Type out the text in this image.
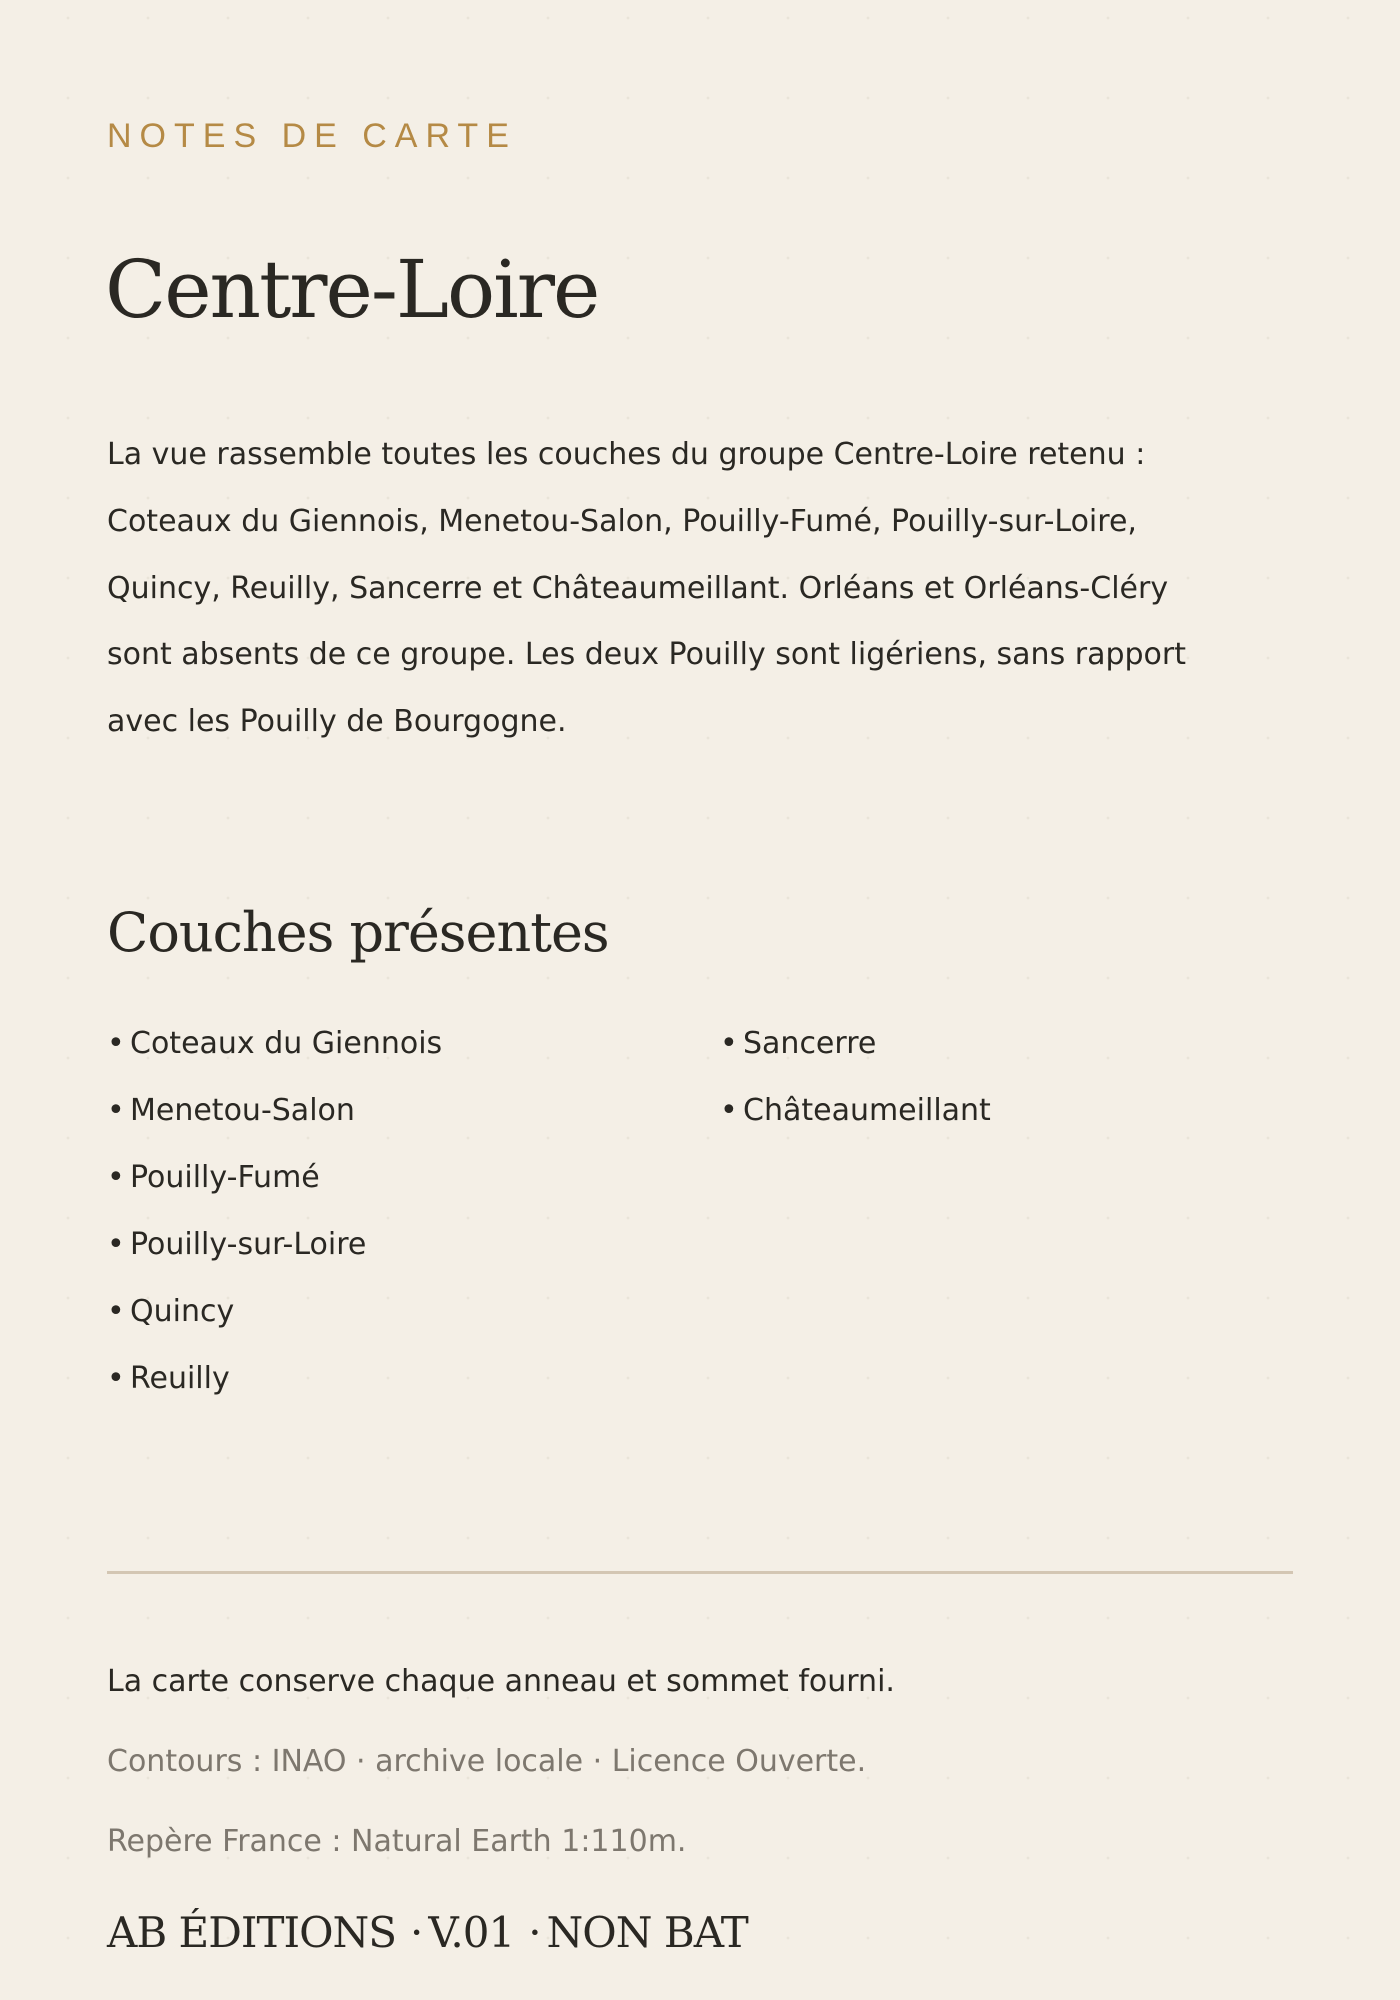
NOTES DE CARTE

Centre-Loire

La vue rassemble toutes les couches du groupe Centre-Loire retenu : Coteaux du Giennois, Menetou-Salon, Pouilly-Fumé, Pouilly-sur-Loire, Quincy, Reuilly, Sancerre et Châteaumeillant. Orléans et Orléans-Cléry sont absents de ce groupe. Les deux Pouilly sont ligériens, sans rapport avec les Pouilly de Bourgogne.

Couches présentes
• Coteaux du Giennois
• Menetou-Salon
• Pouilly-Fumé
• Pouilly-sur-Loire
• Quincy
• Reuilly
• Sancerre
• Châteaumeillant

La carte conserve chaque anneau et sommet fourni.

Contours : INAO · archive locale · Licence Ouverte.

Repère France : Natural Earth 1:110m.

AB ÉDITIONS · V.01 · NON BAT
